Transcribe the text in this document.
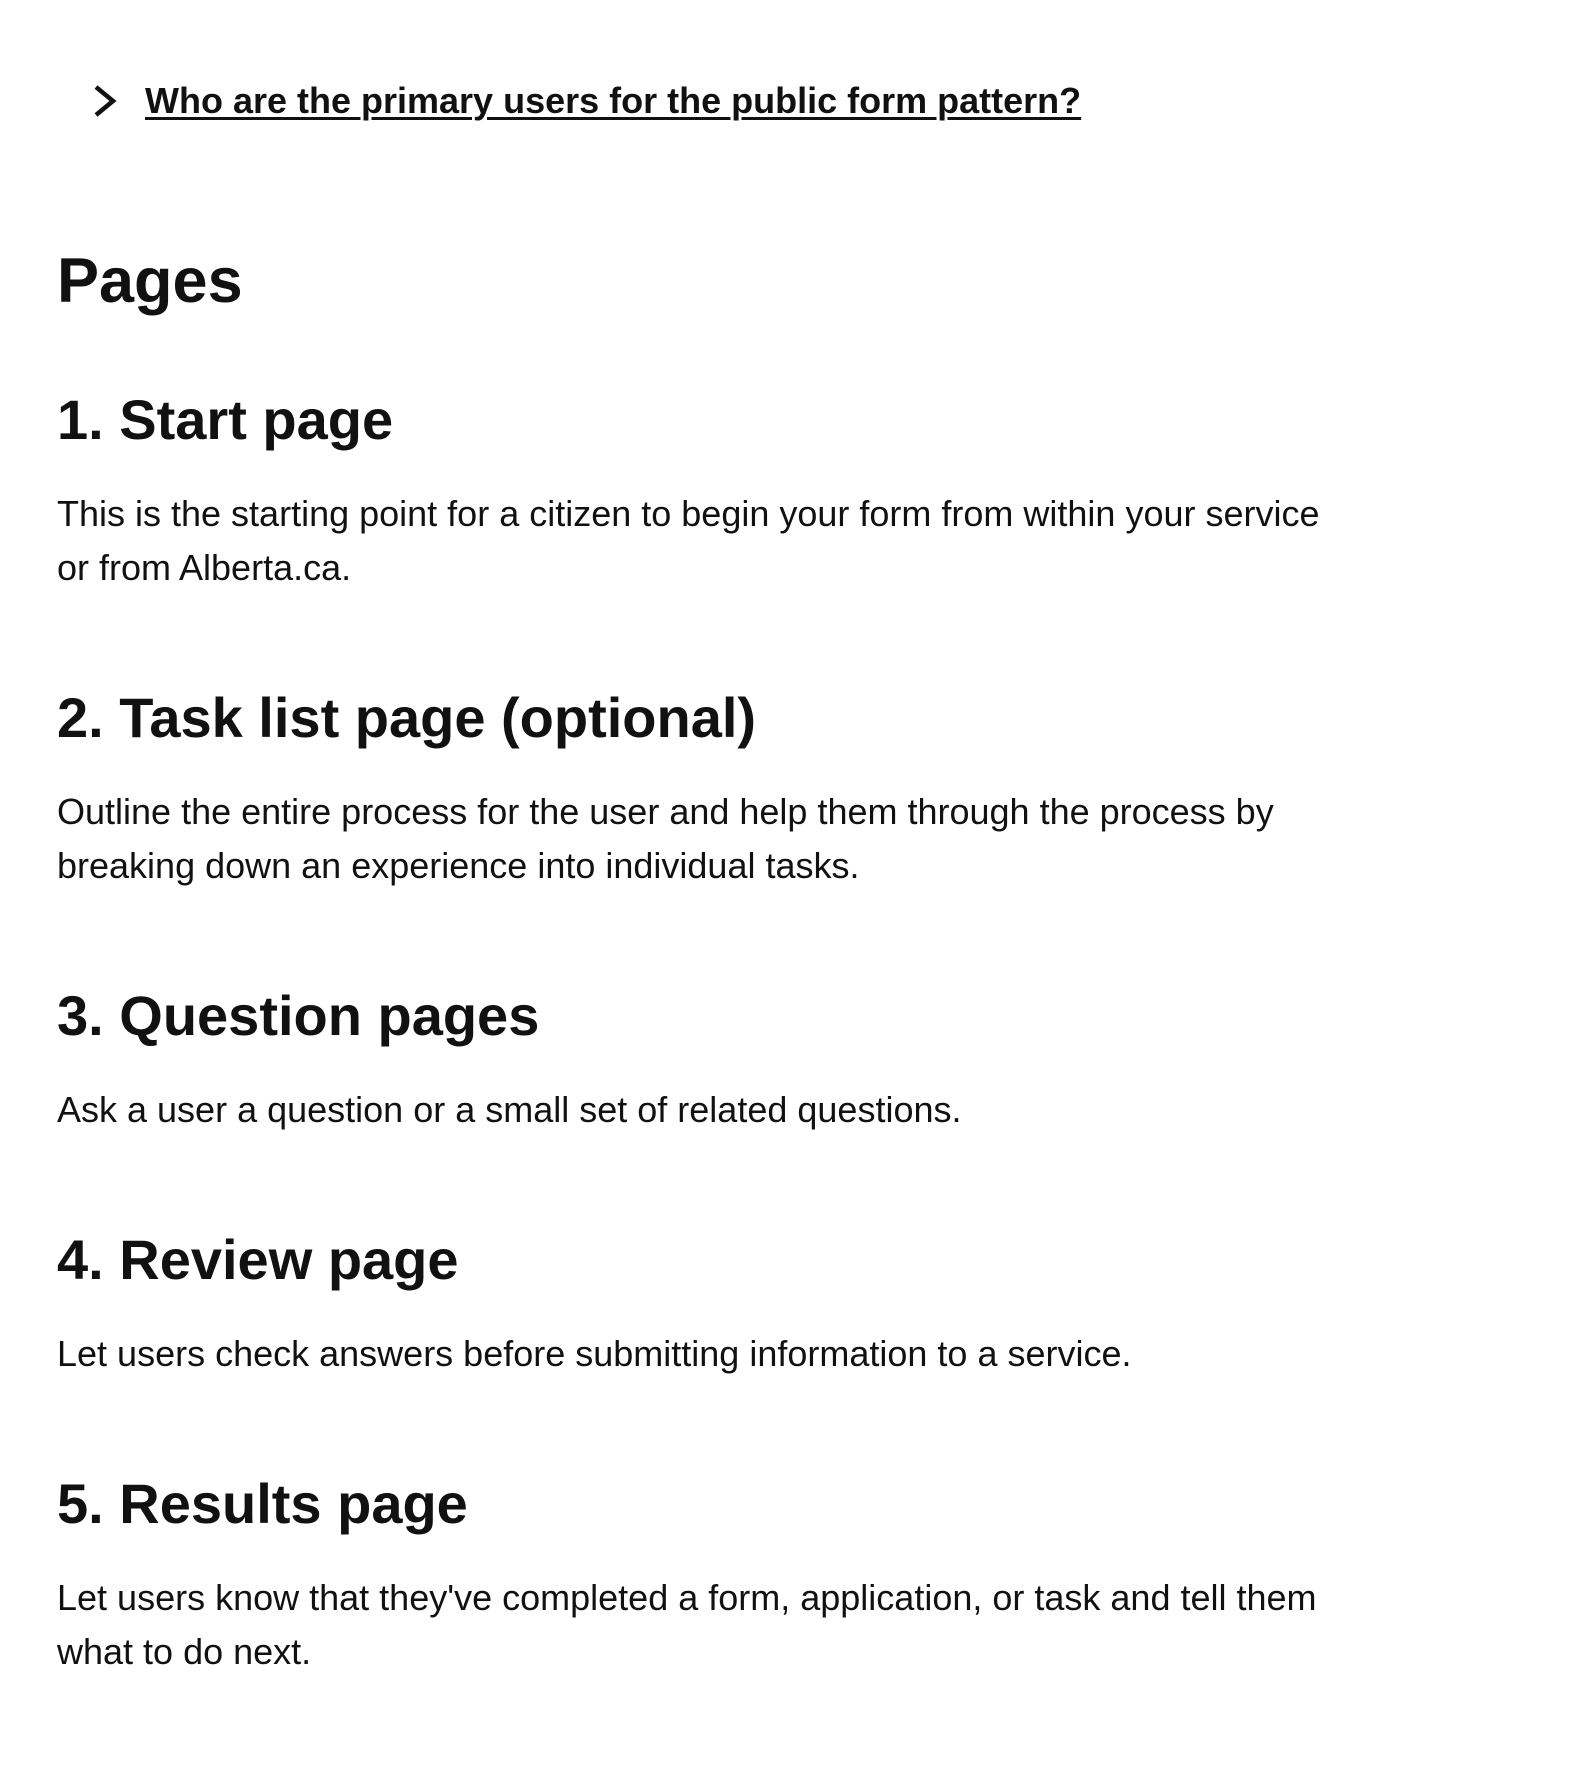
Who are the primary users for the public form pattern?
Pages
1. Start page

This is the starting point for a citizen to begin your form from within your service or from Alberta.ca.

2. Task list page (optional)

Outline the entire process for the user and help them through the process by breaking down an experience into individual tasks.

3. Question pages

Ask a user a question or a small set of related questions.

4. Review page

Let users check answers before submitting information to a service.

5. Results page

Let users know that they've completed a form, application, or task and tell them what to do next.
